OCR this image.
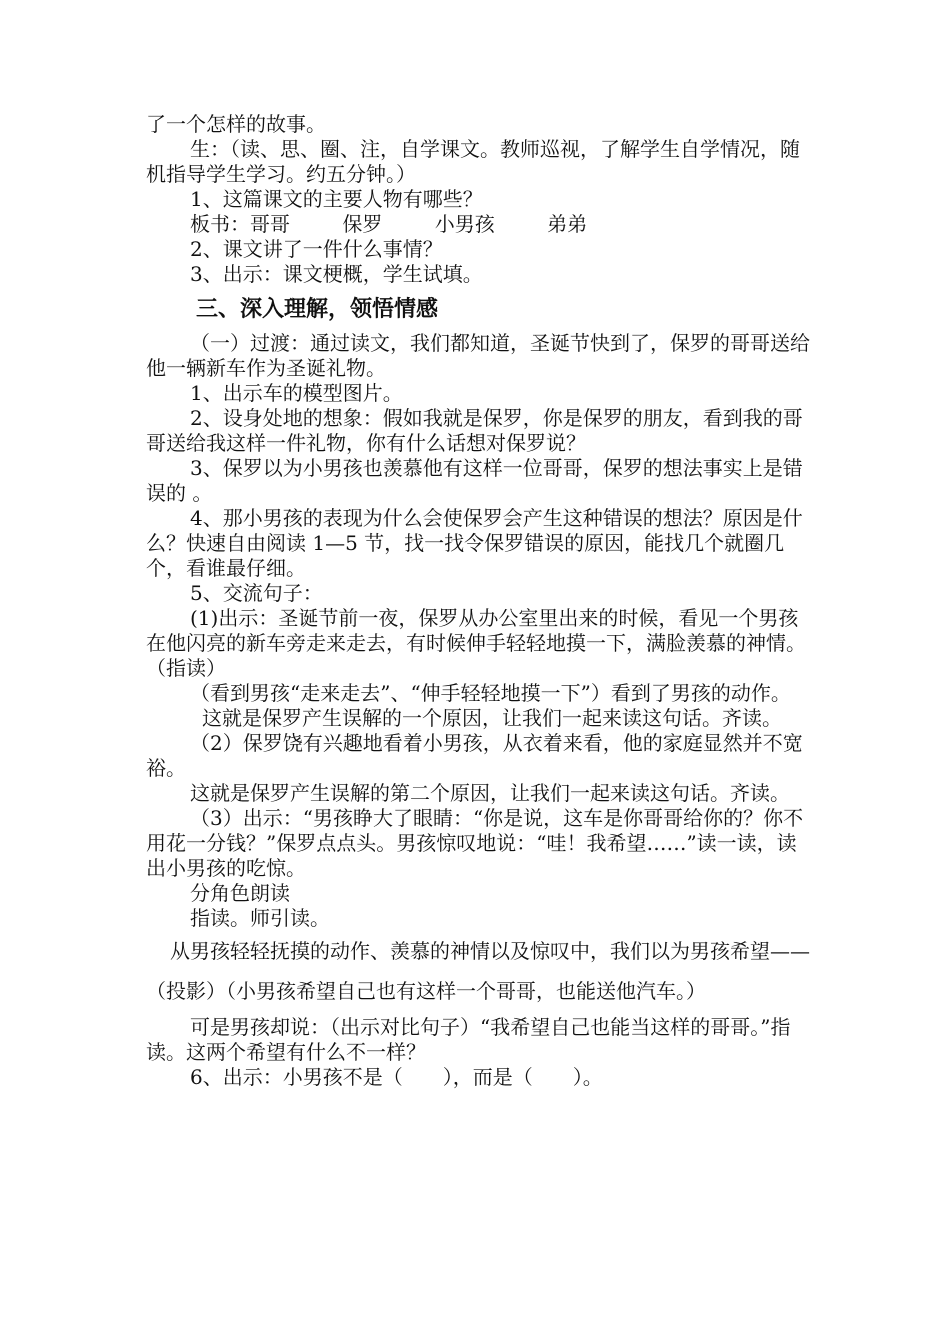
了一个怎样的故事。

生：（读、思、圈、注，自学课文。教师巡视，了解学生自学情况，随机指导学生学习。约五分钟。）

1、这篇课文的主要人物有哪些？

板书：哥哥	保罗	小男孩	弟弟

2、课文讲了一件什么事情？

3、出示：课文梗概，学生试填。

三、深入理解，领悟情感

（一）过渡：通过读文，我们都知道，圣诞节快到了，保罗的哥哥送给他一辆新车作为圣诞礼物。

1、出示车的模型图片。

2、设身处地的想象：假如我就是保罗，你是保罗的朋友，看到我的哥哥送给我这样一件礼物，你有什么话想对保罗说？

3、保罗以为小男孩也羡慕他有这样一位哥哥，保罗的想法事实上是错误的 。

4、那小男孩的表现为什么会使保罗会产生这种错误的想法？原因是什么？快速自由阅读 1—5 节，找一找令保罗错误的原因，能找几个就圈几个，看谁最仔细。

5、交流句子：

(1)出示：圣诞节前一夜，保罗从办公室里出来的时候，看见一个男孩在他闪亮的新车旁走来走去，有时候伸手轻轻地摸一下，满脸羡慕的神情。（指读）

（看到男孩“走来走去”、“伸手轻轻地摸一下”）看到了男孩的动作。

这就是保罗产生误解的一个原因，让我们一起来读这句话。齐读。

（2）保罗饶有兴趣地看着小男孩，从衣着来看，他的家庭显然并不宽裕。

这就是保罗产生误解的第二个原因，让我们一起来读这句话。齐读。

（3）出示：“男孩睁大了眼睛：“你是说，这车是你哥哥给你的？你不用花一分钱？”保罗点点头。男孩惊叹地说：“哇！我希望……”读一读，读出小男孩的吃惊。

分角色朗读

指读。师引读。

从男孩轻轻抚摸的动作、羡慕的神情以及惊叹中，我们以为男孩希望——（投影）（小男孩希望自己也有这样一个哥哥，也能送他汽车。）

可是男孩却说：（出示对比句子）“我希望自己也能当这样的哥哥。”指读。这两个希望有什么不一样？

6、出示：小男孩不是（　　），而是（　　）。
